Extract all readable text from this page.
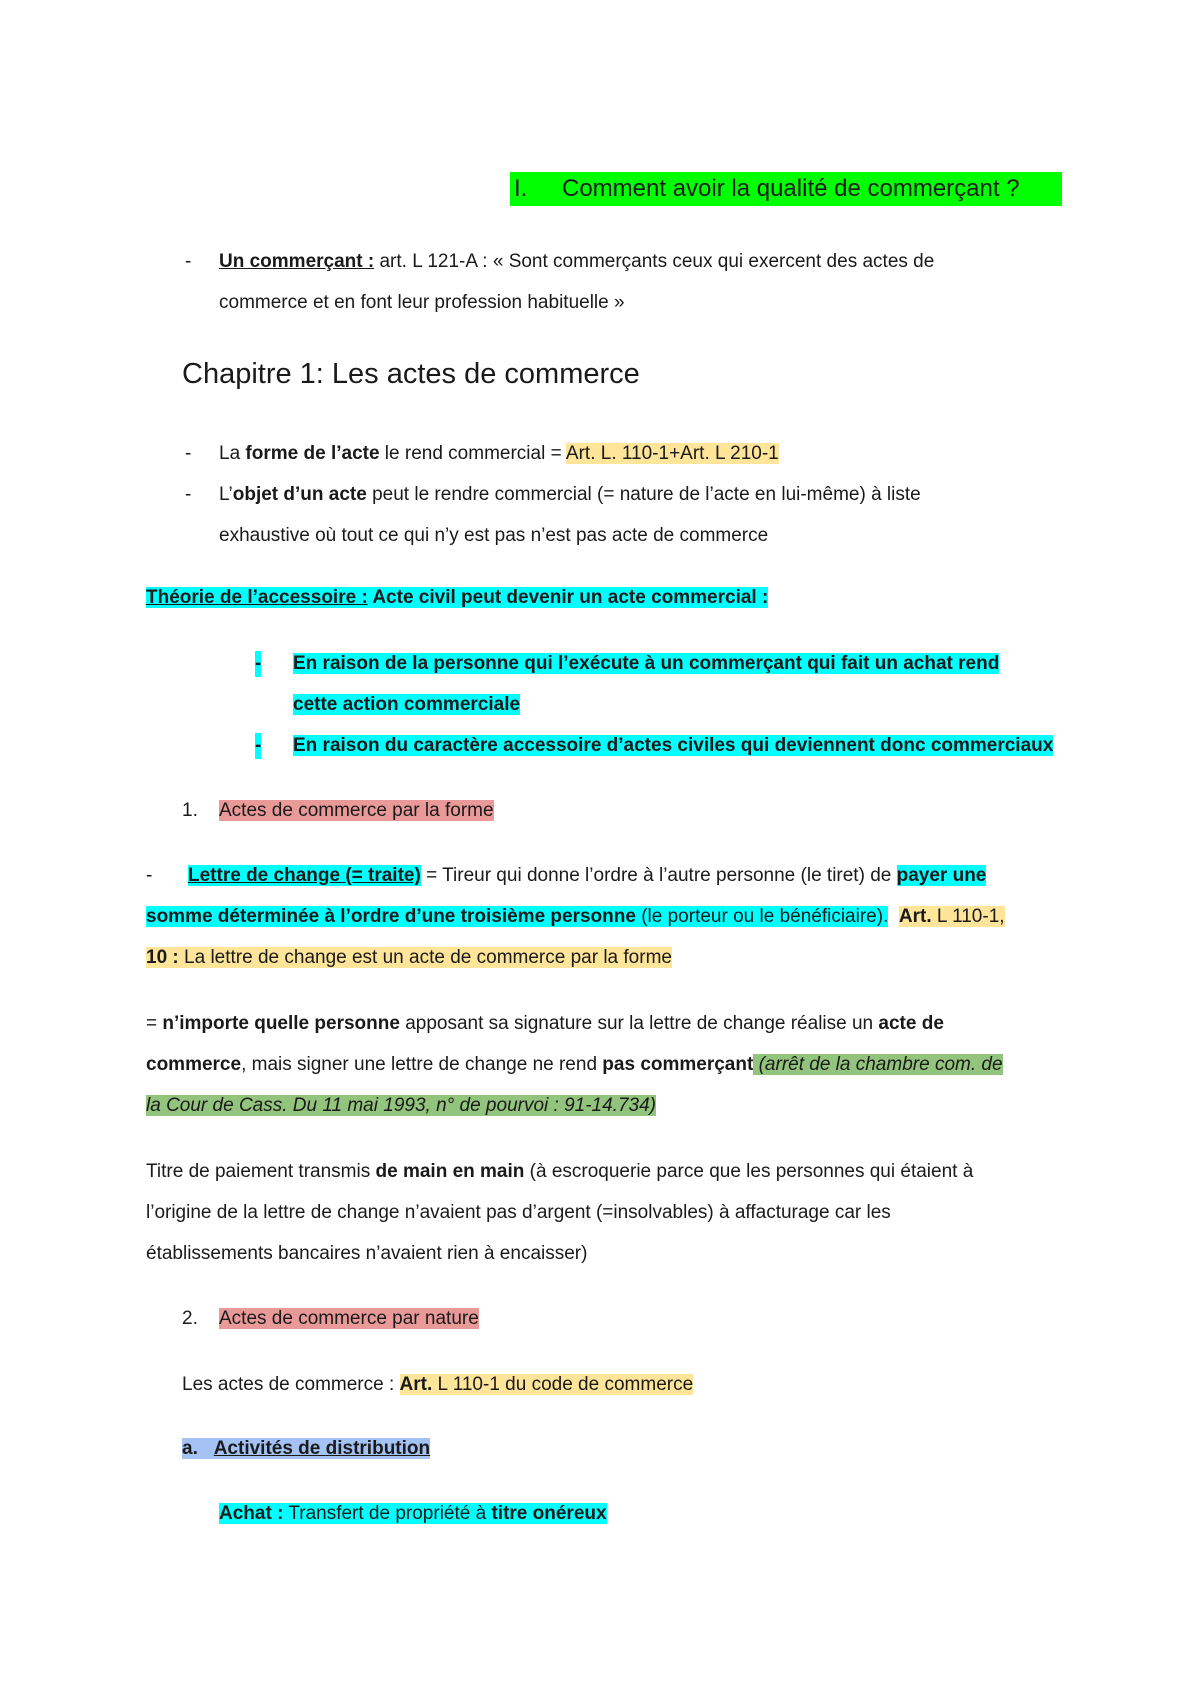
I. Comment avoir la qualité de commerçant ?
- Un commerçant : art. L 121-A : « Sont commerçants ceux qui exercent des actes de
commerce et en font leur profession habituelle »
Chapitre 1: Les actes de commerce
- La forme de l’acte le rend commercial = Art. L. 110-1+Art. L 210-1
- L’objet d’un acte peut le rendre commercial (= nature de l’acte en lui-même) à liste
exhaustive où tout ce qui n’y est pas n’est pas acte de commerce
Théorie de l’accessoire : Acte civil peut devenir un acte commercial :
- En raison de la personne qui l’exécute à un commerçant qui fait un achat rend
cette action commerciale
- En raison du caractère accessoire d’actes civiles qui deviennent donc commerciaux
1. Actes de commerce par la forme
- Lettre de change (= traite) = Tireur qui donne l’ordre à l’autre personne (le tiret) de payer une
somme déterminée à l’ordre d’une troisième personne (le porteur ou le bénéficiaire). Art. L 110-1,
10 : La lettre de change est un acte de commerce par la forme
= n’importe quelle personne apposant sa signature sur la lettre de change réalise un acte de
commerce, mais signer une lettre de change ne rend pas commerçant (arrêt de la chambre com. de
la Cour de Cass. Du 11 mai 1993, n° de pourvoi : 91-14.734)
Titre de paiement transmis de main en main (à escroquerie parce que les personnes qui étaient à
l’origine de la lettre de change n’avaient pas d’argent (=insolvables) à affacturage car les
établissements bancaires n’avaient rien à encaisser)
2. Actes de commerce par nature
Les actes de commerce : Art. L 110-1 du code de commerce
a. Activités de distribution
Achat : Transfert de propriété à titre onéreux
